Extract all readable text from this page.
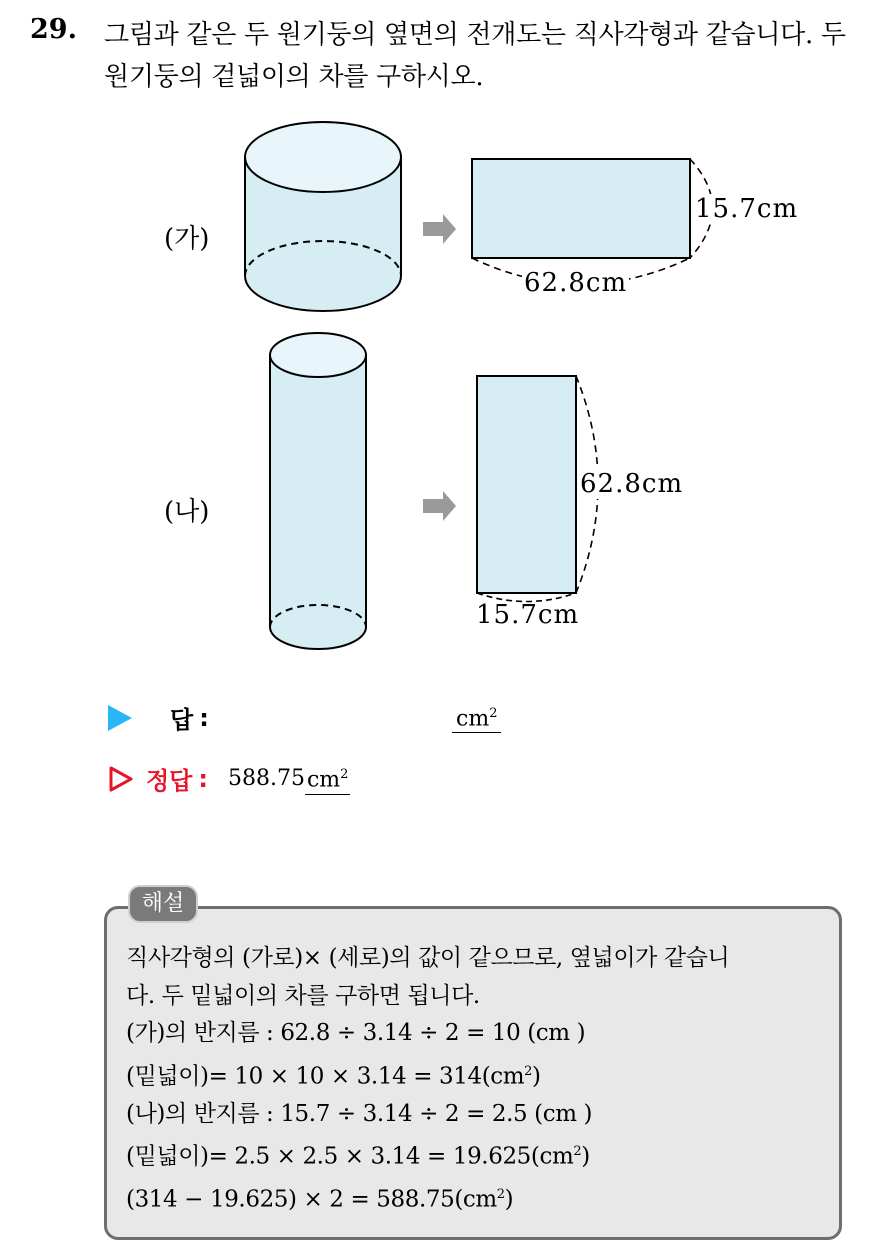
29. 그림과 같은 두 원기둥의 옆면의 전개도는 직사각형과 같습니다. 두 원기둥의 겉넓이의 차를 구하시오.
(가)
15.7cm
62.8cm
(나)
62.8cm
15.7cm
답 :	$cm^2$
정답 : 588.75 $cm^2$
해설
직사각형의 (가로)× (세로)의 값이 같으므로, 옆넓이가 같습니
다. 두 밑넓이의 차를 구하면 됩니다.
(가)의 반지름 : 62.8 ÷ 3.14 ÷ 2 = 10 (cm )
(밑넓이)= $10 \times 10 \times 3.14 = 314(cm^2)$
(나)의 반지름 : 15.7 ÷ 3.14 ÷ 2 = 2.5 (cm )
(밑넓이)= $2.5 \times 2.5 \times 3.14 = 19.625(cm^2)$
$(314 - 19.625) \times 2 = 588.75(cm^2)$
